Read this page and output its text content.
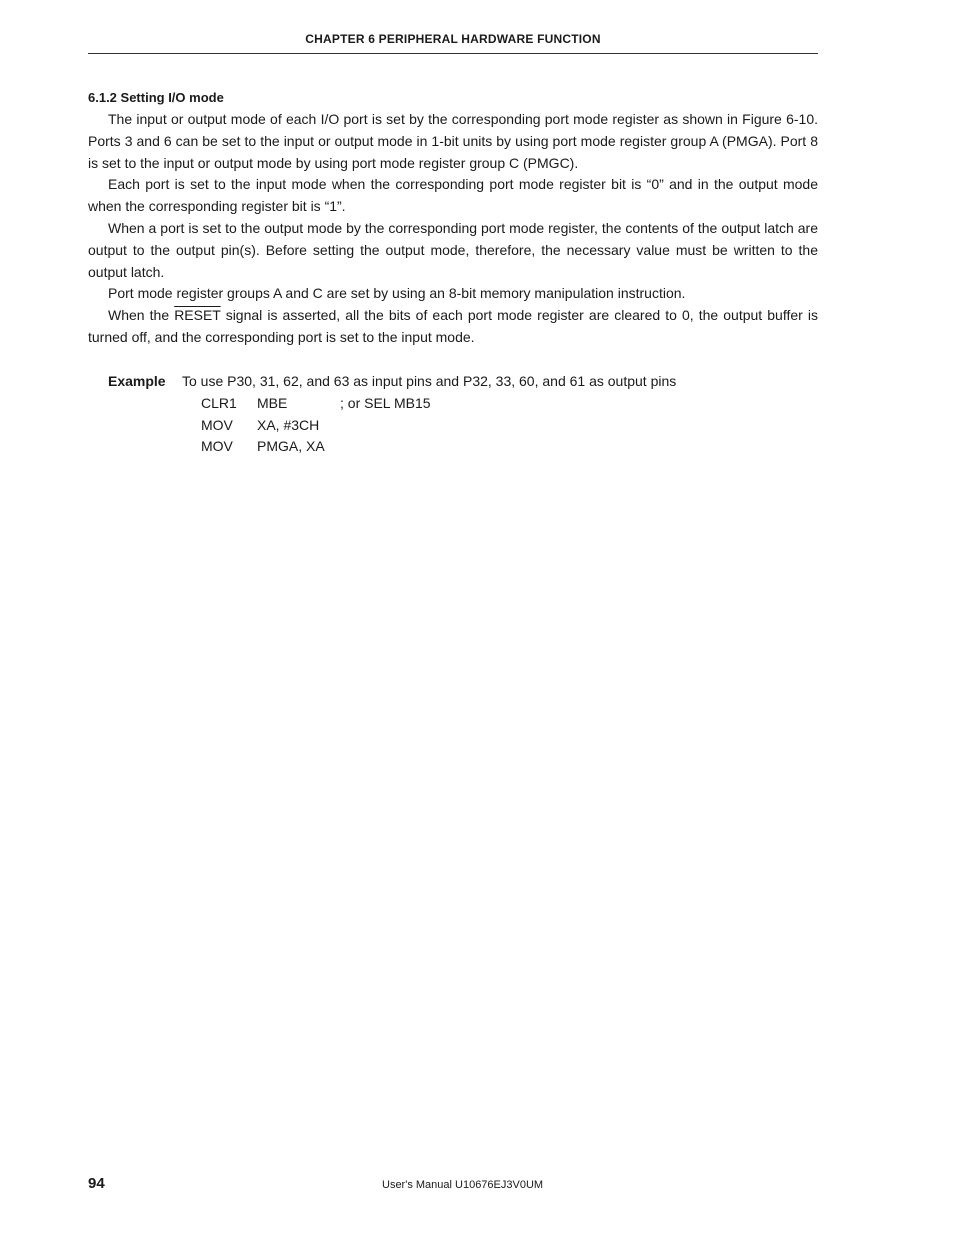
CHAPTER 6 PERIPHERAL HARDWARE FUNCTION
6.1.2 Setting I/O mode

The input or output mode of each I/O port is set by the corresponding port mode register as shown in Figure 6-10. Ports 3 and 6 can be set to the input or output mode in 1-bit units by using port mode register group A (PMGA). Port 8 is set to the input or output mode by using port mode register group C (PMGC).

Each port is set to the input mode when the corresponding port mode register bit is “0” and in the output mode when the corresponding register bit is “1”.

When a port is set to the output mode by the corresponding port mode register, the contents of the output latch are output to the output pin(s). Before setting the output mode, therefore, the necessary value must be written to the output latch.

Port mode register groups A and C are set by using an 8-bit memory manipulation instruction.

When the RESET signal is asserted, all the bits of each port mode register are cleared to 0, the output buffer is turned off, and the corresponding port is set to the input mode.

Example To use P30, 31, 62, and 63 as input pins and P32, 33, 60, and 61 as output pins
CLR1 MBE	; or SEL MB15
MOV XA, #3CH
MOV PMGA, XA
94	User's Manual U10676EJ3V0UM
